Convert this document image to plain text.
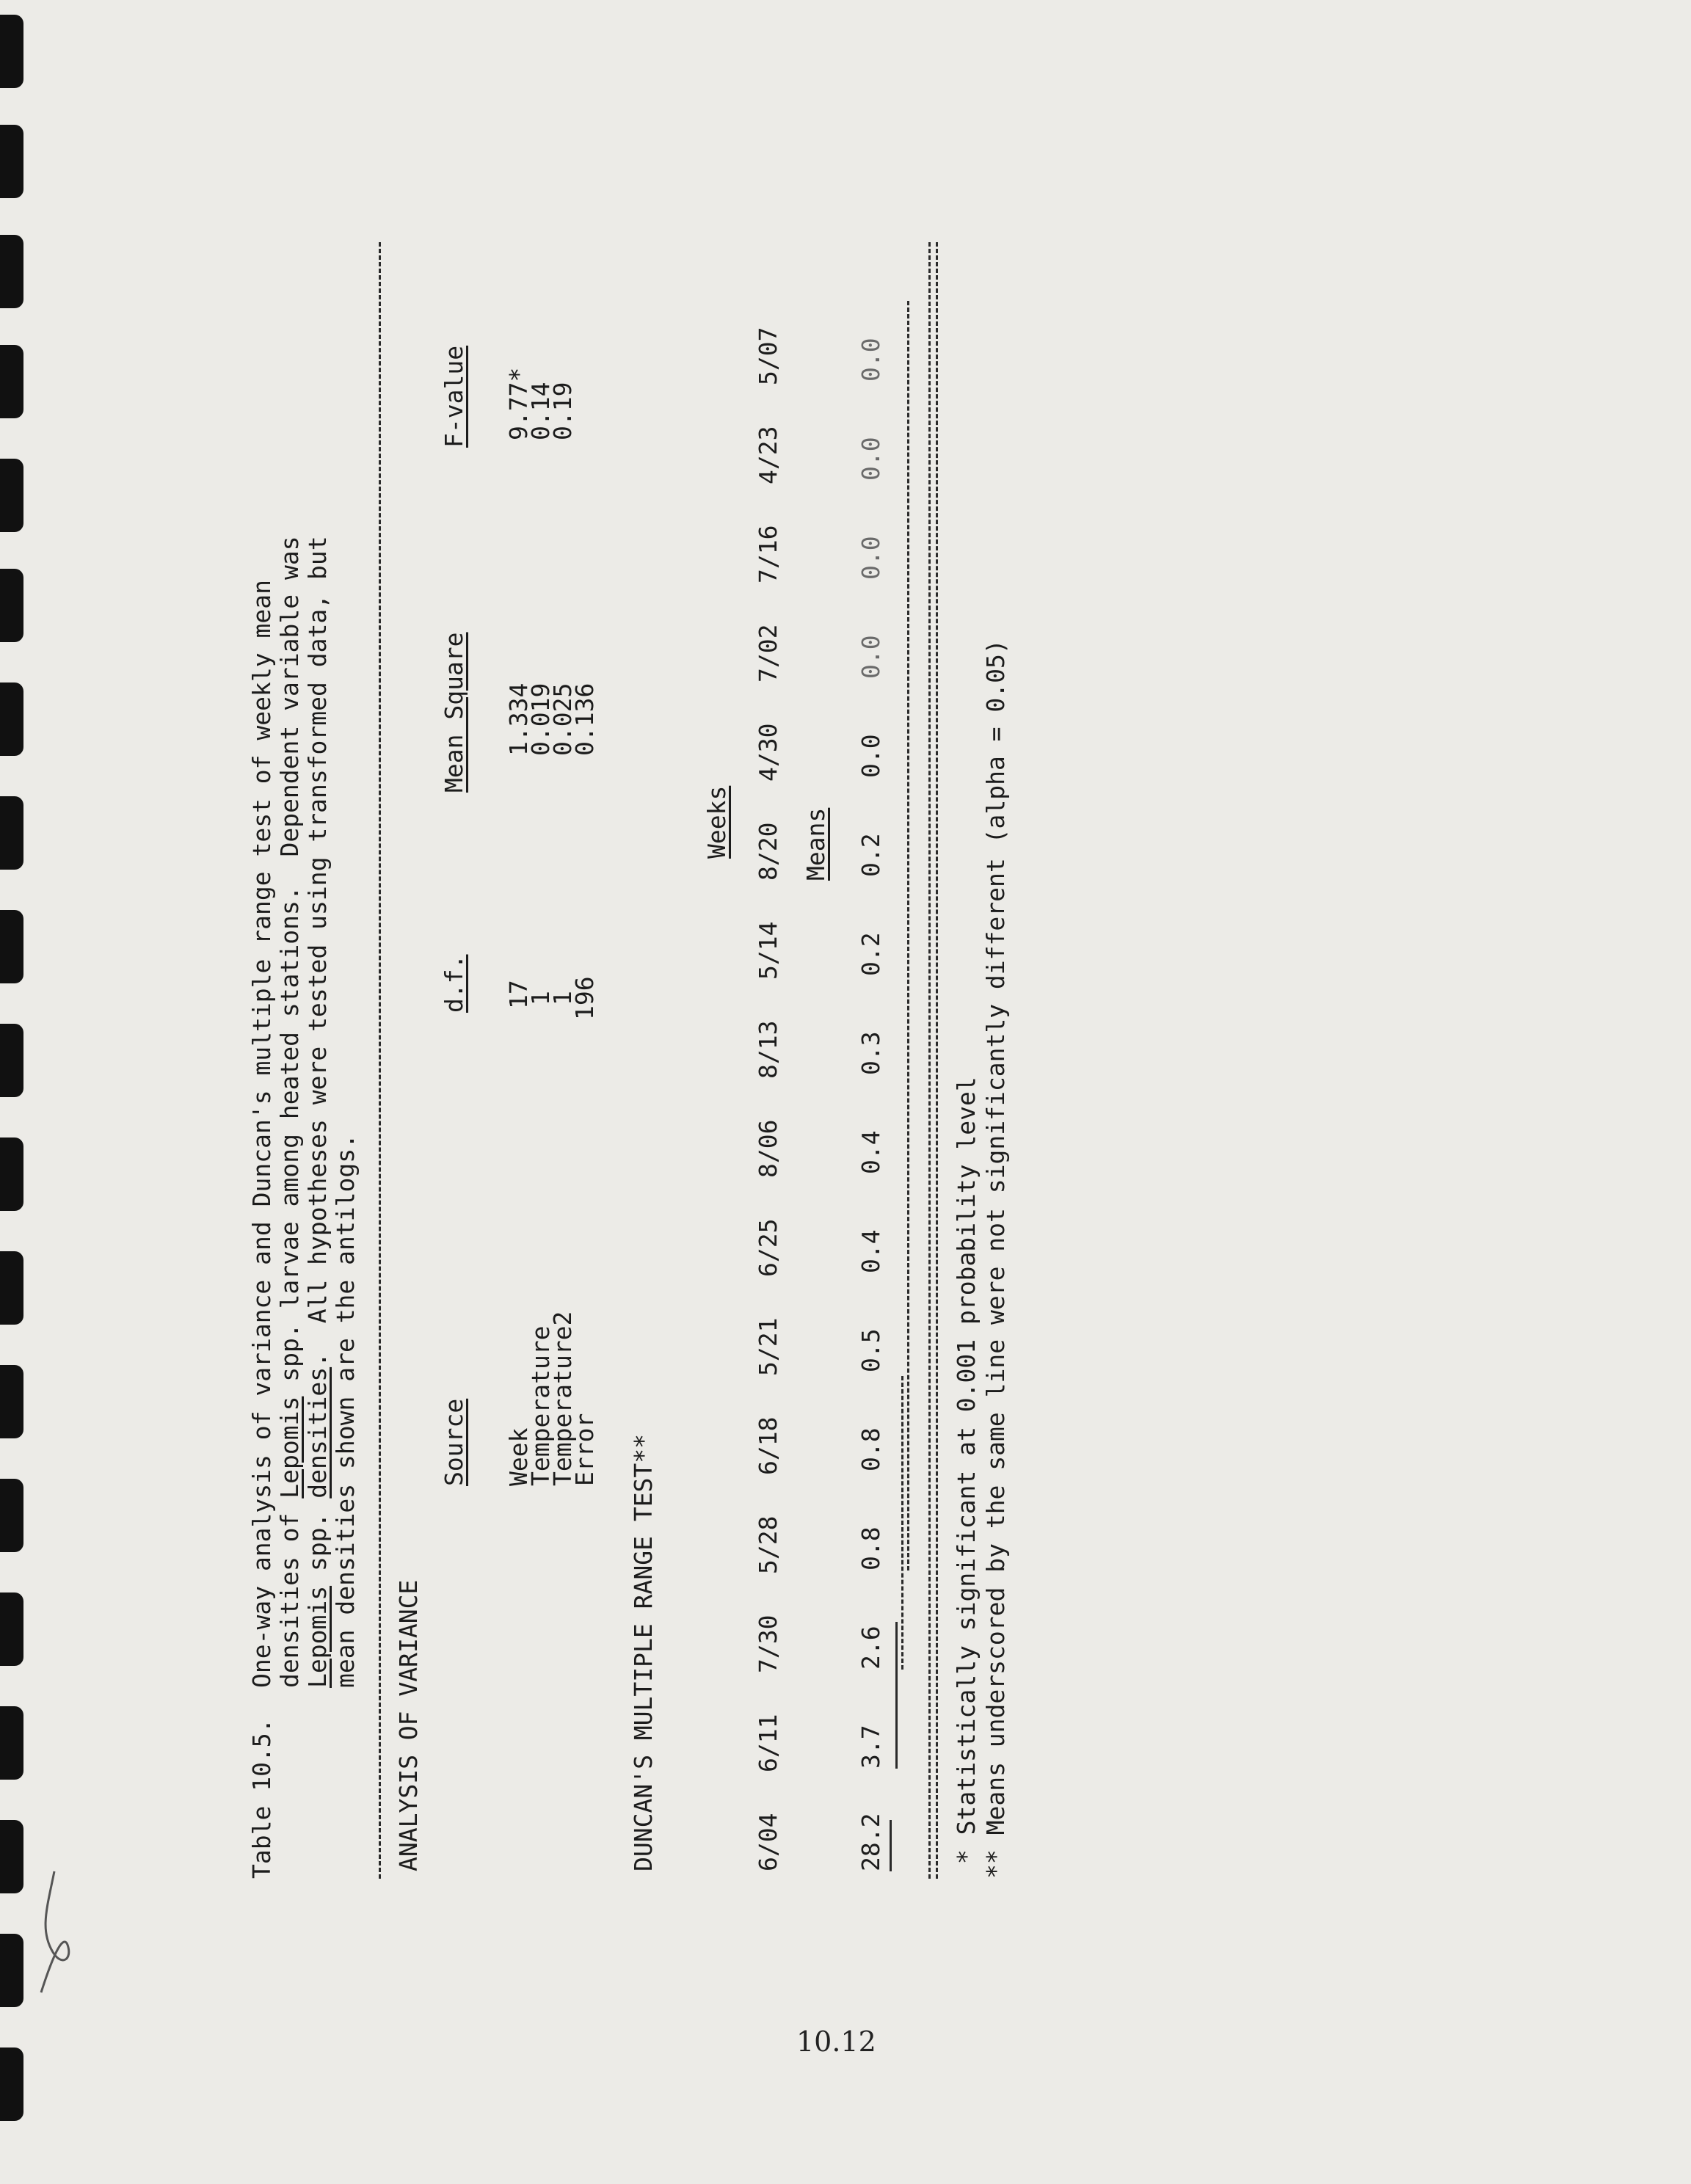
Table 10.5.
One-way analysis of variance and Duncan's multiple range test of weekly mean densities of Lepomis spp. larvae among heated stations.  Dependent variable was
Lepomis spp. densities.  All hypotheses were tested using transformed data, but
mean densities shown are the antilogs.
ANALYSIS OF VARIANCE
Source
d.f.
Mean Square
F-value
Week
Temperature
Temperature2
Error
17
1
1
196
1.334
0.019
0.025
0.136
9.77*
0.14
0.19
DUNCAN'S MULTIPLE RANGE TEST**
Weeks
6/04
6/11
7/30
5/28
6/18
5/21
6/25
8/06
8/13
5/14
8/20
4/30
7/02
7/16
4/23
5/07
Means
28.2
3.7
2.6
0.8
0.8
0.5
0.4
0.4
0.3
0.2
0.2
0.0
0.0
0.0
0.0
0.0
* Statistically significant at 0.001 probability level ** Means underscored by the same line were not significantly different (alpha = 0.05)
10.12
